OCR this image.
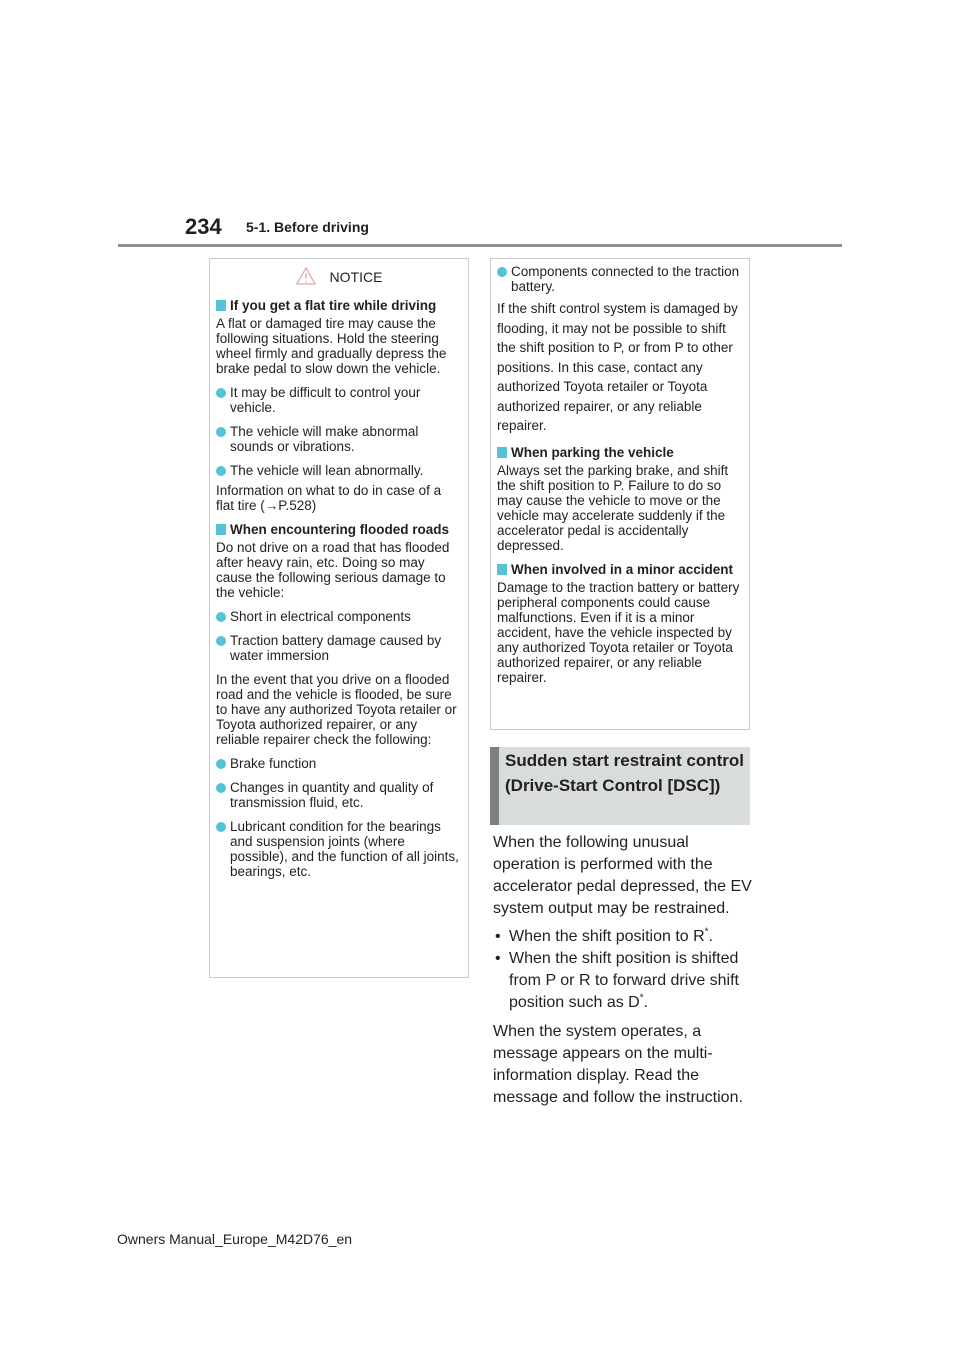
234 5-1. Before driving
NOTICE
If you get a flat tire while driving

A flat or damaged tire may cause the following situations. Hold the steering wheel firmly and gradually depress the brake pedal to slow down the vehicle.

It may be difficult to control your vehicle.
The vehicle will make abnormal sounds or vibrations.
The vehicle will lean abnormally.

Information on what to do in case of a flat tire (→P.528)

When encountering flooded roads

Do not drive on a road that has flooded after heavy rain, etc. Doing so may cause the following serious damage to the vehicle:

Short in electrical components
Traction battery damage caused by water immersion

In the event that you drive on a flooded road and the vehicle is flooded, be sure to have any authorized Toyota retailer or Toyota authorized repairer, or any reliable repairer check the following:

Brake function
Changes in quantity and quality of transmission fluid, etc.
Lubricant condition for the bearings and suspension joints (where possible), and the function of all joints, bearings, etc.
Components connected to the traction battery.

If the shift control system is damaged by flooding, it may not be possible to shift the shift position to P, or from P to other positions. In this case, contact any authorized Toyota retailer or Toyota authorized repairer, or any reliable repairer.

When parking the vehicle

Always set the parking brake, and shift the shift position to P. Failure to do so may cause the vehicle to move or the vehicle may accelerate suddenly if the accelerator pedal is accidentally depressed.

When involved in a minor accident

Damage to the traction battery or battery peripheral components could cause malfunctions. Even if it is a minor accident, have the vehicle inspected by any authorized Toyota retailer or Toyota authorized repairer, or any reliable repairer.

Sudden start restraint control (Drive-Start Control [DSC])

When the following unusual operation is performed with the accelerator pedal depressed, the EV system output may be restrained.

• When the shift position to R*.

• When the shift position is shifted from P or R to forward drive shift position such as D*.

When the system operates, a message appears on the multi-information display. Read the message and follow the instruction.

Owners Manual_Europe_M42D76_en
